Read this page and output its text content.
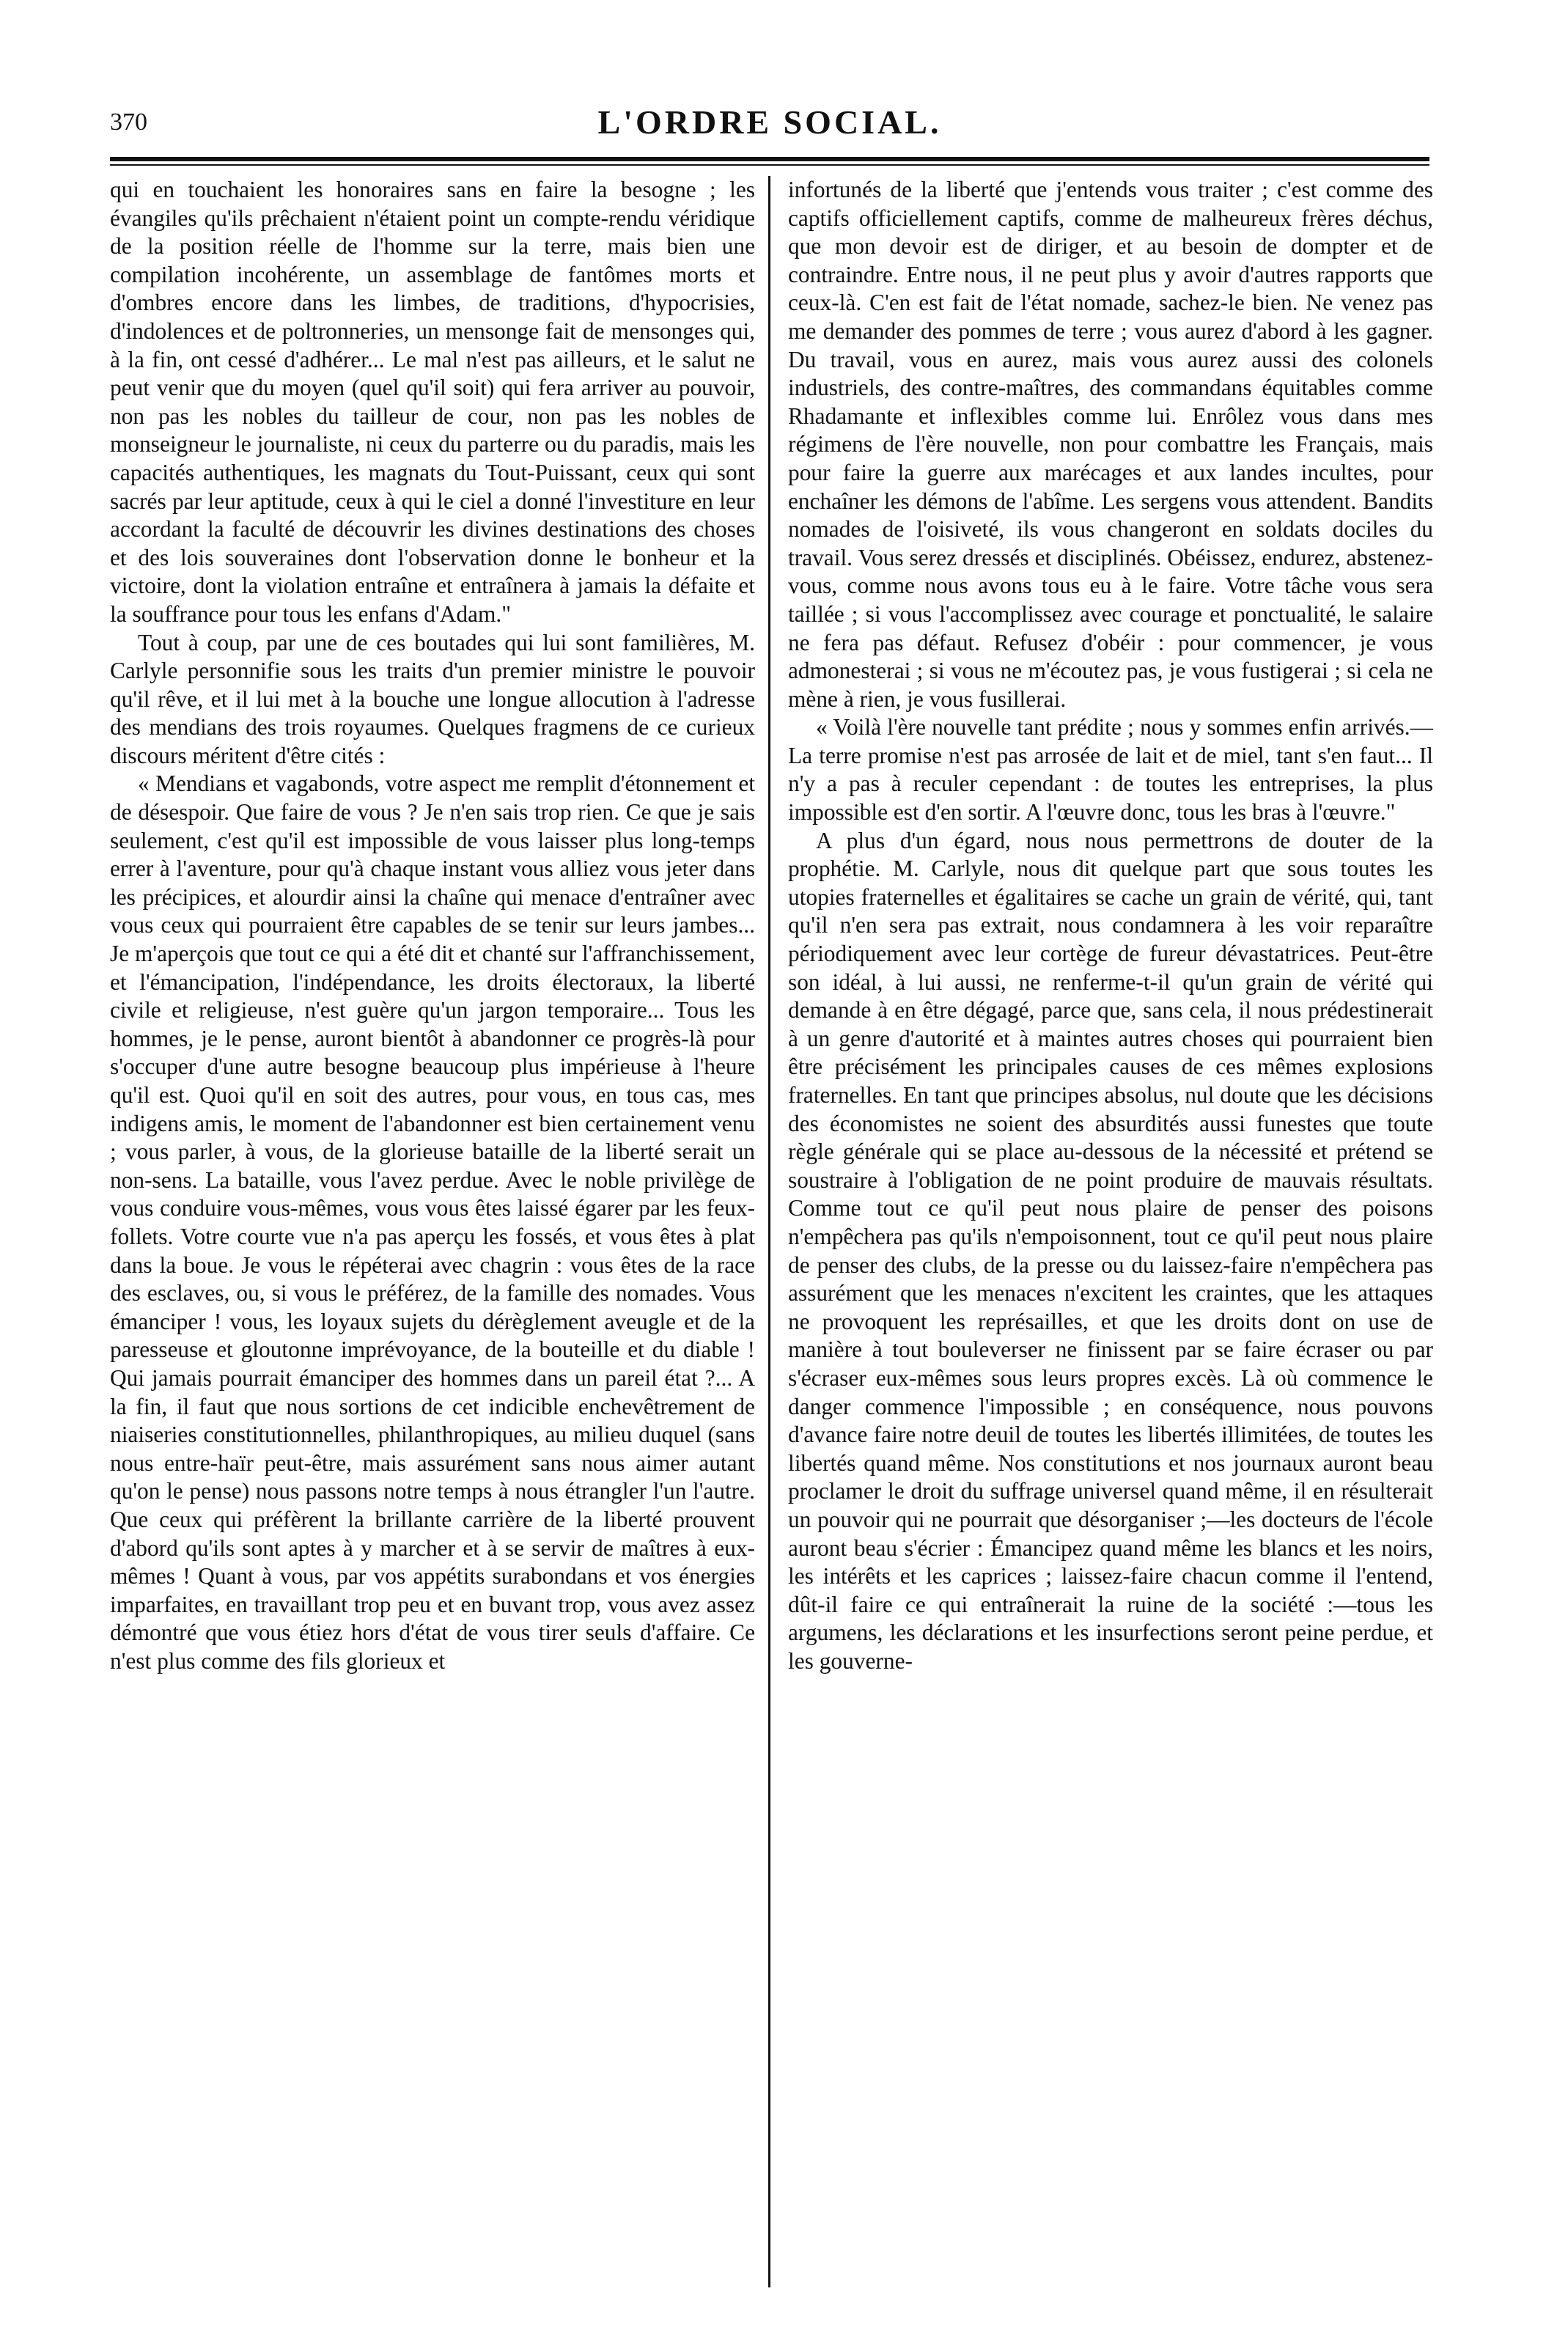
370	L'ORDRE SOCIAL.

qui en touchaient les honoraires sans en faire la besogne ; les évangiles qu'ils prêchaient n'étaient point un compte-rendu véridique de la position réelle de l'homme sur la terre, mais bien une compilation incohérente, un assemblage de fantômes morts et d'ombres encore dans les limbes, de traditions, d'hypocrisies, d'indolences et de poltronneries, un mensonge fait de mensonges qui, à la fin, ont cessé d'adhérer... Le mal n'est pas ailleurs, et le salut ne peut venir que du moyen (quel qu'il soit) qui fera arriver au pouvoir, non pas les nobles du tailleur de cour, non pas les nobles de monseigneur le journaliste, ni ceux du parterre ou du paradis, mais les capacités authentiques, les magnats du Tout-Puissant, ceux qui sont sacrés par leur aptitude, ceux à qui le ciel a donné l'investiture en leur accordant la faculté de découvrir les divines destinations des choses et des lois souveraines dont l'observation donne le bonheur et la victoire, dont la violation entraîne et entraînera à jamais la défaite et la souffrance pour tous les enfans d'Adam."

Tout à coup, par une de ces boutades qui lui sont familières, M. Carlyle personnifie sous les traits d'un premier ministre le pouvoir qu'il rêve, et il lui met à la bouche une longue allocution à l'adresse des mendians des trois royaumes. Quelques fragmens de ce curieux discours méritent d'être cités :

« Mendians et vagabonds, votre aspect me remplit d'étonnement et de désespoir. Que faire de vous ? Je n'en sais trop rien. Ce que je sais seulement, c'est qu'il est impossible de vous laisser plus long-temps errer à l'aventure, pour qu'à chaque instant vous alliez vous jeter dans les précipices, et alourdir ainsi la chaîne qui menace d'entraîner avec vous ceux qui pourraient être capables de se tenir sur leurs jambes... Je m'aperçois que tout ce qui a été dit et chanté sur l'affranchissement, et l'émancipation, l'indépendance, les droits électoraux, la liberté civile et religieuse, n'est guère qu'un jargon temporaire... Tous les hommes, je le pense, auront bientôt à abandonner ce progrès-là pour s'occuper d'une autre besogne beaucoup plus impérieuse à l'heure qu'il est. Quoi qu'il en soit des autres, pour vous, en tous cas, mes indigens amis, le moment de l'abandonner est bien certainement venu ; vous parler, à vous, de la glorieuse bataille de la liberté serait un non-sens. La bataille, vous l'avez perdue. Avec le noble privilège de vous conduire vous-mêmes, vous vous êtes laissé égarer par les feux-follets. Votre courte vue n'a pas aperçu les fossés, et vous êtes à plat dans la boue. Je vous le répéterai avec chagrin : vous êtes de la race des esclaves, ou, si vous le préférez, de la famille des nomades. Vous émanciper ! vous, les loyaux sujets du dérèglement aveugle et de la paresseuse et gloutonne imprévoyance, de la bouteille et du diable ! Qui jamais pourrait émanciper des hommes dans un pareil état ?... A la fin, il faut que nous sortions de cet indicible enchevêtrement de niaiseries constitutionnelles, philanthropiques, au milieu duquel (sans nous entre-haïr peut-être, mais assurément sans nous aimer autant qu'on le pense) nous passons notre temps à nous étrangler l'un l'autre. Que ceux qui préfèrent la brillante carrière de la liberté prouvent d'abord qu'ils sont aptes à y marcher et à se servir de maîtres à eux-mêmes ! Quant à vous, par vos appétits surabondans et vos énergies imparfaites, en travaillant trop peu et en buvant trop, vous avez assez démontré que vous étiez hors d'état de vous tirer seuls d'affaire. Ce n'est plus comme des fils glorieux et

infortunés de la liberté que j'entends vous traiter ; c'est comme des captifs officiellement captifs, comme de malheureux frères déchus, que mon devoir est de diriger, et au besoin de dompter et de contraindre. Entre nous, il ne peut plus y avoir d'autres rapports que ceux-là. C'en est fait de l'état nomade, sachez-le bien. Ne venez pas me demander des pommes de terre ; vous aurez d'abord à les gagner. Du travail, vous en aurez, mais vous aurez aussi des colonels industriels, des contre-maîtres, des commandans équitables comme Rhadamante et inflexibles comme lui. Enrôlez vous dans mes régimens de l'ère nouvelle, non pour combattre les Français, mais pour faire la guerre aux marécages et aux landes incultes, pour enchaîner les démons de l'abîme. Les sergens vous attendent. Bandits nomades de l'oisiveté, ils vous changeront en soldats dociles du travail. Vous serez dressés et disciplinés. Obéissez, endurez, abstenez-vous, comme nous avons tous eu à le faire. Votre tâche vous sera taillée ; si vous l'accomplissez avec courage et ponctualité, le salaire ne fera pas défaut. Refusez d'obéir : pour commencer, je vous admonesterai ; si vous ne m'écoutez pas, je vous fustigerai ; si cela ne mène à rien, je vous fusillerai.

« Voilà l'ère nouvelle tant prédite ; nous y sommes enfin arrivés.—La terre promise n'est pas arrosée de lait et de miel, tant s'en faut... Il n'y a pas à reculer cependant : de toutes les entreprises, la plus impossible est d'en sortir. A l'œuvre donc, tous les bras à l'œuvre."

A plus d'un égard, nous nous permettrons de douter de la prophétie. M. Carlyle, nous dit quelque part que sous toutes les utopies fraternelles et égalitaires se cache un grain de vérité, qui, tant qu'il n'en sera pas extrait, nous condamnera à les voir reparaître périodiquement avec leur cortège de fureur dévastatrices. Peut-être son idéal, à lui aussi, ne renferme-t-il qu'un grain de vérité qui demande à en être dégagé, parce que, sans cela, il nous prédestinerait à un genre d'autorité et à maintes autres choses qui pourraient bien être précisément les principales causes de ces mêmes explosions fraternelles. En tant que principes absolus, nul doute que les décisions des économistes ne soient des absurdités aussi funestes que toute règle générale qui se place au-dessous de la nécessité et prétend se soustraire à l'obligation de ne point produire de mauvais résultats. Comme tout ce qu'il peut nous plaire de penser des poisons n'empêchera pas qu'ils n'empoisonnent, tout ce qu'il peut nous plaire de penser des clubs, de la presse ou du laissez-faire n'empêchera pas assurément que les menaces n'excitent les craintes, que les attaques ne provoquent les représailles, et que les droits dont on use de manière à tout bouleverser ne finissent par se faire écraser ou par s'écraser eux-mêmes sous leurs propres excès. Là où commence le danger commence l'impossible ; en conséquence, nous pouvons d'avance faire notre deuil de toutes les libertés illimitées, de toutes les libertés quand même. Nos constitutions et nos journaux auront beau proclamer le droit du suffrage universel quand même, il en résulterait un pouvoir qui ne pourrait que désorganiser ;—les docteurs de l'école auront beau s'écrier : Émancipez quand même les blancs et les noirs, les intérêts et les caprices ; laissez-faire chacun comme il l'entend, dût-il faire ce qui entraînerait la ruine de la société :—tous les argumens, les déclarations et les insurfections seront peine perdue, et les gouverne-
